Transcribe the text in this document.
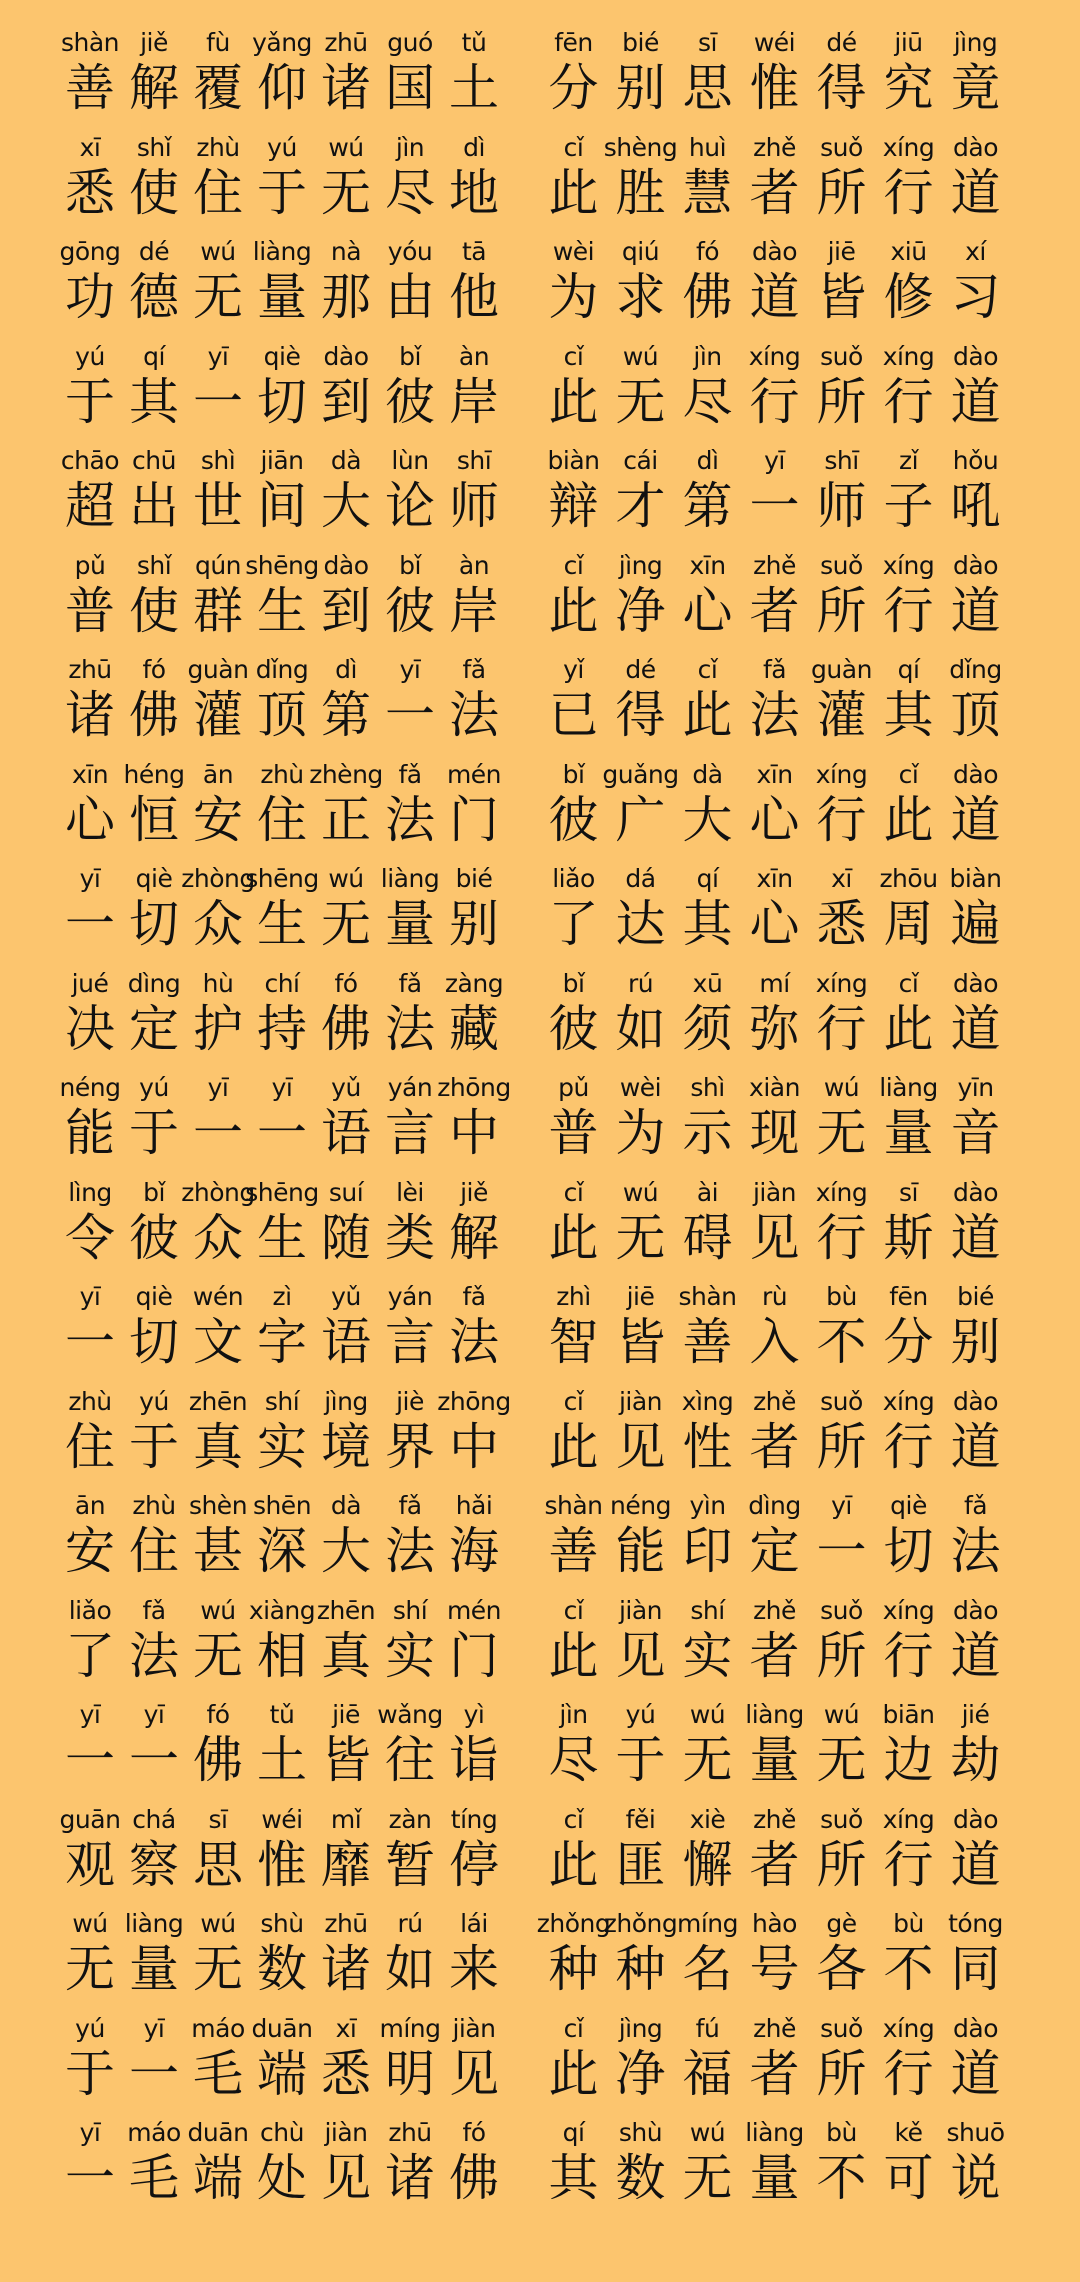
shàn
善
jiě
解
fù
覆
yǎng
仰
zhū
诸
guó
国
tǔ
土
fēn
分
bié
别
sī
思
wéi
惟
dé
得
jiū
究
jìng
竟
xī
悉
shǐ
使
zhù
住
yú
于
wú
无
jìn
尽
dì
地
cǐ
此
shèng
胜
huì
慧
zhě
者
suǒ
所
xíng
行
dào
道
gōng
功
dé
德
wú
无
liàng
量
nà
那
yóu
由
tā
他
wèi
为
qiú
求
fó
佛
dào
道
jiē
皆
xiū
修
xí
习
yú
于
qí
其
yī
一
qiè
切
dào
到
bǐ
彼
àn
岸
cǐ
此
wú
无
jìn
尽
xíng
行
suǒ
所
xíng
行
dào
道
chāo
超
chū
出
shì
世
jiān
间
dà
大
lùn
论
shī
师
biàn
辩
cái
才
dì
第
yī
一
shī
师
zǐ
子
hǒu
吼
pǔ
普
shǐ
使
qún
群
shēng
生
dào
到
bǐ
彼
àn
岸
cǐ
此
jìng
净
xīn
心
zhě
者
suǒ
所
xíng
行
dào
道
zhū
诸
fó
佛
guàn
灌
dǐng
顶
dì
第
yī
一
fǎ
法
yǐ
已
dé
得
cǐ
此
fǎ
法
guàn
灌
qí
其
dǐng
顶
xīn
心
héng
恒
ān
安
zhù
住
zhèng
正
fǎ
法
mén
门
bǐ
彼
guǎng
广
dà
大
xīn
心
xíng
行
cǐ
此
dào
道
yī
一
qiè
切
zhòng
众
shēng
生
wú
无
liàng
量
bié
别
liǎo
了
dá
达
qí
其
xīn
心
xī
悉
zhōu
周
biàn
遍
jué
决
dìng
定
hù
护
chí
持
fó
佛
fǎ
法
zàng
藏
bǐ
彼
rú
如
xū
须
mí
弥
xíng
行
cǐ
此
dào
道
néng
能
yú
于
yī
一
yī
一
yǔ
语
yán
言
zhōng
中
pǔ
普
wèi
为
shì
示
xiàn
现
wú
无
liàng
量
yīn
音
lìng
令
bǐ
彼
zhòng
众
shēng
生
suí
随
lèi
类
jiě
解
cǐ
此
wú
无
ài
碍
jiàn
见
xíng
行
sī
斯
dào
道
yī
一
qiè
切
wén
文
zì
字
yǔ
语
yán
言
fǎ
法
zhì
智
jiē
皆
shàn
善
rù
入
bù
不
fēn
分
bié
别
zhù
住
yú
于
zhēn
真
shí
实
jìng
境
jiè
界
zhōng
中
cǐ
此
jiàn
见
xìng
性
zhě
者
suǒ
所
xíng
行
dào
道
ān
安
zhù
住
shèn
甚
shēn
深
dà
大
fǎ
法
hǎi
海
shàn
善
néng
能
yìn
印
dìng
定
yī
一
qiè
切
fǎ
法
liǎo
了
fǎ
法
wú
无
xiàng
相
zhēn
真
shí
实
mén
门
cǐ
此
jiàn
见
shí
实
zhě
者
suǒ
所
xíng
行
dào
道
yī
一
yī
一
fó
佛
tǔ
土
jiē
皆
wǎng
往
yì
诣
jìn
尽
yú
于
wú
无
liàng
量
wú
无
biān
边
jié
劫
guān
观
chá
察
sī
思
wéi
惟
mǐ
靡
zàn
暂
tíng
停
cǐ
此
fěi
匪
xiè
懈
zhě
者
suǒ
所
xíng
行
dào
道
wú
无
liàng
量
wú
无
shù
数
zhū
诸
rú
如
lái
来
zhǒng
种
zhǒng
种
míng
名
hào
号
gè
各
bù
不
tóng
同
yú
于
yī
一
máo
毛
duān
端
xī
悉
míng
明
jiàn
见
cǐ
此
jìng
净
fú
福
zhě
者
suǒ
所
xíng
行
dào
道
yī
一
máo
毛
duān
端
chù
处
jiàn
见
zhū
诸
fó
佛
qí
其
shù
数
wú
无
liàng
量
bù
不
kě
可
shuō
说
